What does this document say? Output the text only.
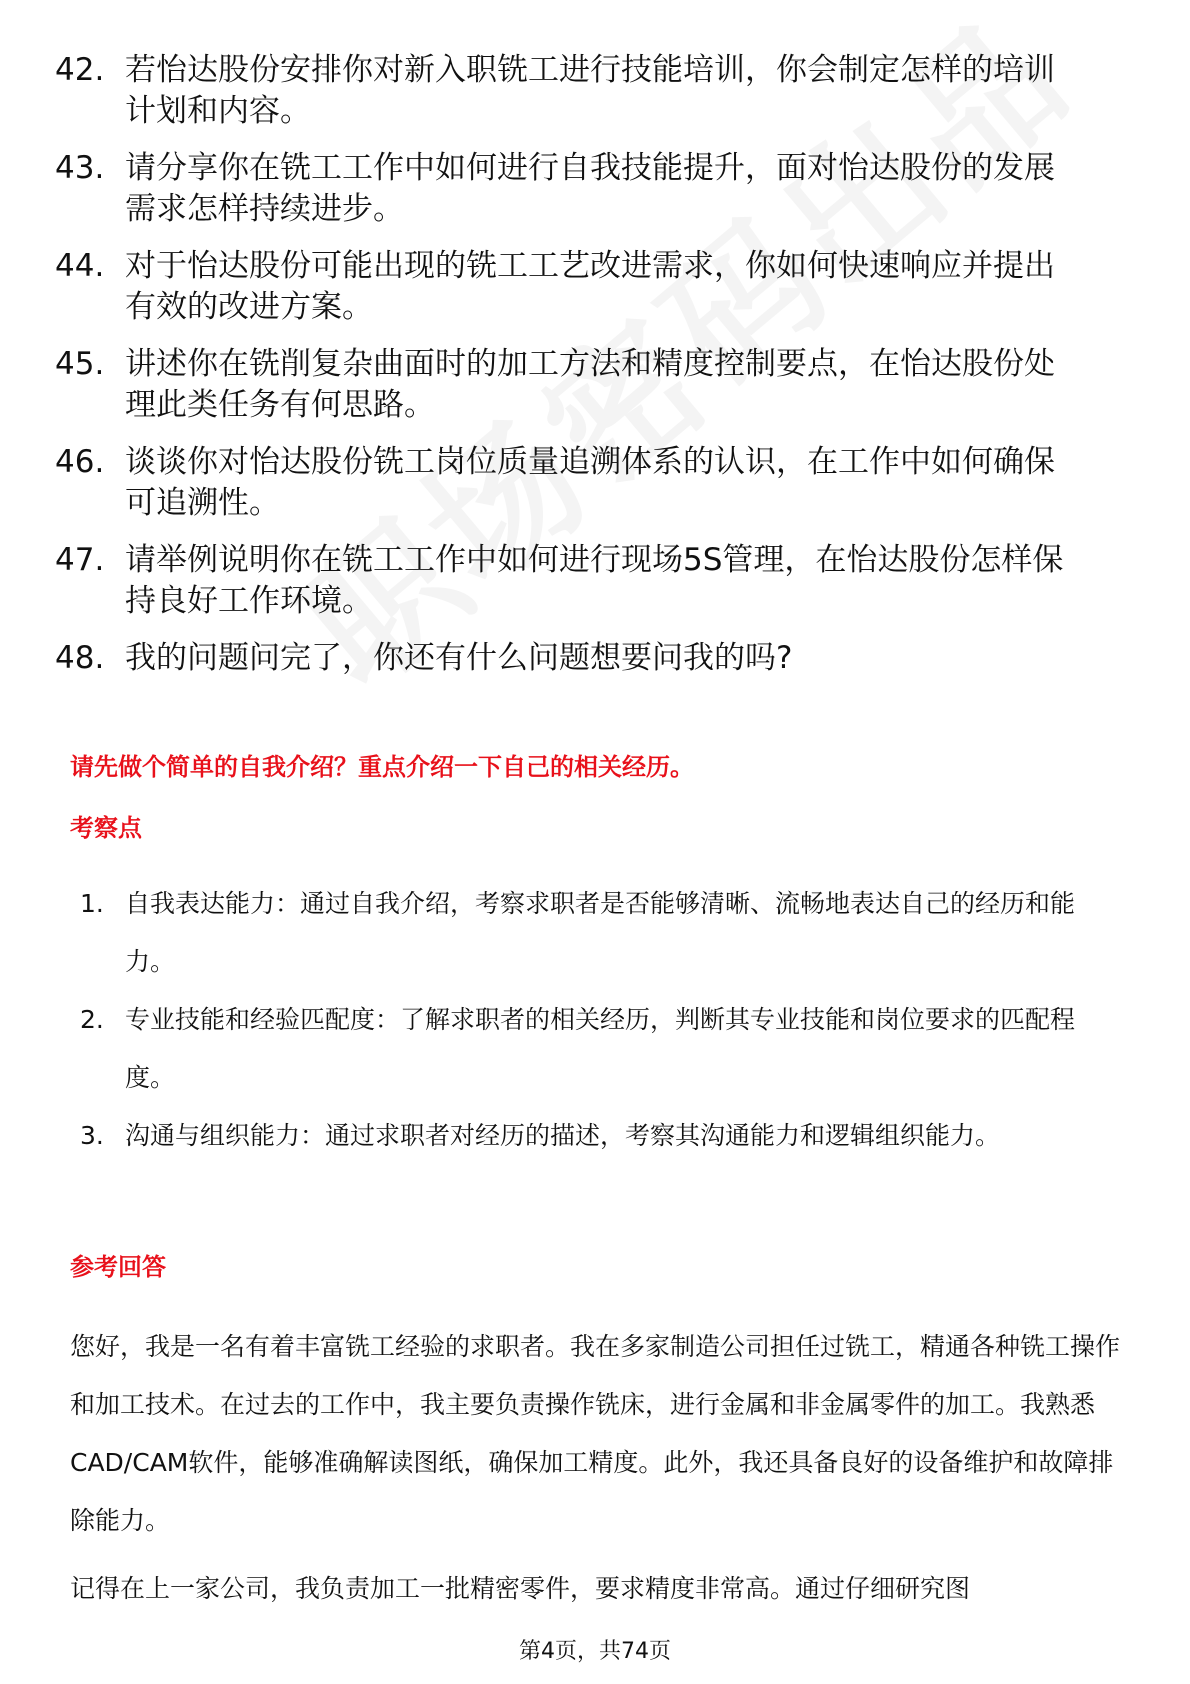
42. 若怡达股份安排你对新入职铣工进行技能培训，你会制定怎样的培训计划和内容。
43. 请分享你在铣工工作中如何进行自我技能提升，面对怡达股份的发展需求怎样持续进步。
44. 对于怡达股份可能出现的铣工工艺改进需求，你如何快速响应并提出有效的改进方案。
45. 讲述你在铣削复杂曲面时的加工方法和精度控制要点，在怡达股份处理此类任务有何思路。
46. 谈谈你对怡达股份铣工岗位质量追溯体系的认识，在工作中如何确保可追溯性。
47. 请举例说明你在铣工工作中如何进行现场5S管理，在怡达股份怎样保持良好工作环境。
48. 我的问题问完了，你还有什么问题想要问我的吗?
请先做个简单的自我介绍？重点介绍一下自己的相关经历。
考察点
1. 自我表达能力：通过自我介绍，考察求职者是否能够清晰、流畅地表达自己的经历和能力。
2. 专业技能和经验匹配度：了解求职者的相关经历，判断其专业技能和岗位要求的匹配程度。
3. 沟通与组织能力：通过求职者对经历的描述，考察其沟通能力和逻辑组织能力。
参考回答
您好，我是一名有着丰富铣工经验的求职者。我在多家制造公司担任过铣工，精通各种铣工操作和加工技术。在过去的工作中，我主要负责操作铣床，进行金属和非金属零件的加工。我熟悉CAD/CAM软件，能够准确解读图纸，确保加工精度。此外，我还具备良好的设备维护和故障排除能力。
记得在上一家公司，我负责加工一批精密零件，要求精度非常高。通过仔细研究图
第4页，共74页
